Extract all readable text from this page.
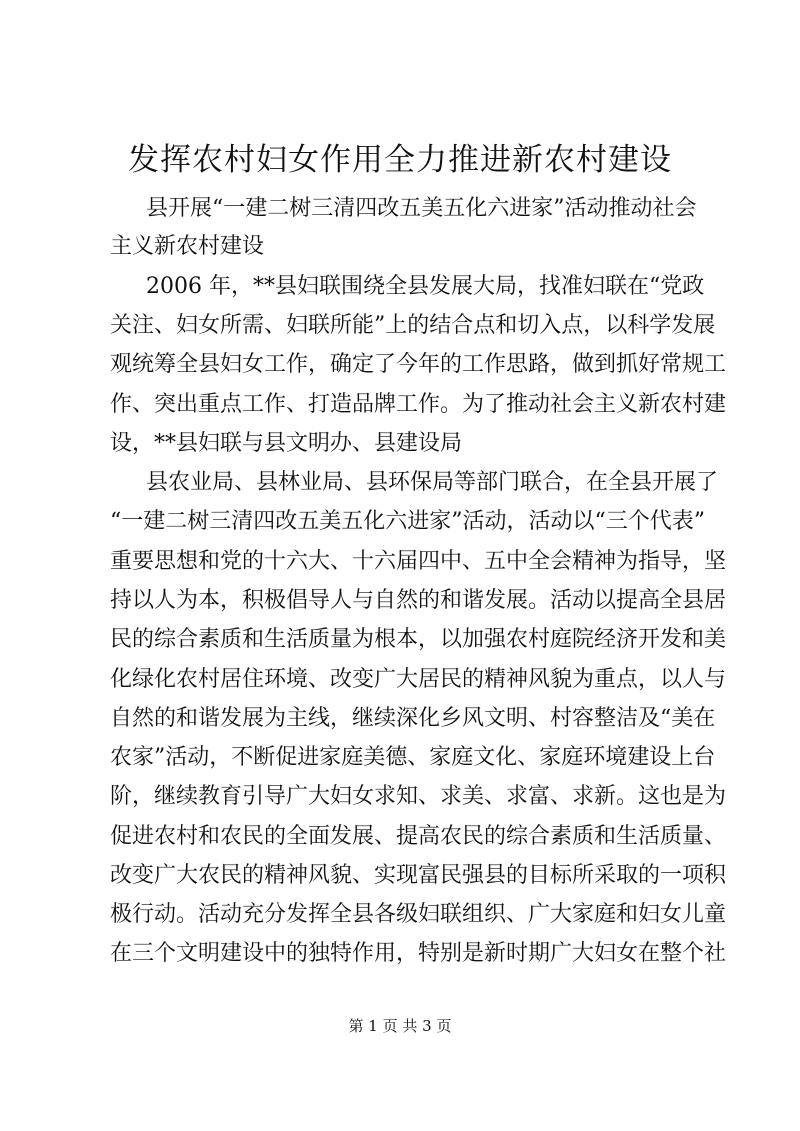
发挥农村妇女作用全力推进新农村建设
县开展“一建二树三清四改五美五化六进家”活动推动社会
主义新农村建设
2006 年，**县妇联围绕全县发展大局，找准妇联在“党政
关注、妇女所需、妇联所能”上的结合点和切入点，以科学发展
观统筹全县妇女工作，确定了今年的工作思路，做到抓好常规工
作、突出重点工作、打造品牌工作。为了推动社会主义新农村建
设，**县妇联与县文明办、县建设局
县农业局、县林业局、县环保局等部门联合，在全县开展了
“一建二树三清四改五美五化六进家”活动，活动以“三个代表”
重要思想和党的十六大、十六届四中、五中全会精神为指导，坚
持以人为本，积极倡导人与自然的和谐发展。活动以提高全县居
民的综合素质和生活质量为根本，以加强农村庭院经济开发和美
化绿化农村居住环境、改变广大居民的精神风貌为重点，以人与
自然的和谐发展为主线，继续深化乡风文明、村容整洁及“美在
农家”活动，不断促进家庭美德、家庭文化、家庭环境建设上台
阶，继续教育引导广大妇女求知、求美、求富、求新。这也是为
促进农村和农民的全面发展、提高农民的综合素质和生活质量、
改变广大农民的精神风貌、实现富民强县的目标所采取的一项积
极行动。活动充分发挥全县各级妇联组织、广大家庭和妇女儿童
在三个文明建设中的独特作用，特别是新时期广大妇女在整个社
第 1 页 共 3 页
